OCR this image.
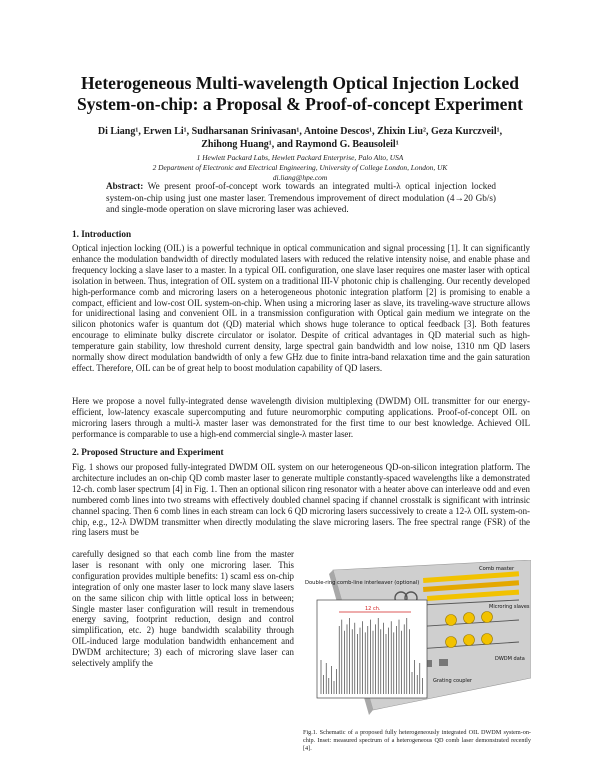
Heterogeneous Multi-wavelength Optical Injection Locked
System-on-chip: a Proposal & Proof-of-concept Experiment
Di Liang¹, Erwen Li¹, Sudharsanan Srinivasan¹, Antoine Descos¹, Zhixin Liu², Geza Kurczveil¹,
Zhihong Huang¹, and Raymond G. Beausoleil¹
1 Hewlett Packard Labs, Hewlett Packard Enterprise, Palo Alto, USA
2 Department of Electronic and Electrical Engineering, University of College London, London, UK
di.liang@hpe.com
Abstract: We present proof-of-concept work towards an integrated multi-λ optical injection locked system-on-chip using just one master laser. Tremendous improvement of direct modulation (4→20 Gb/s) and single-mode operation on slave microring laser was achieved.
1. Introduction
Optical injection locking (OIL) is a powerful technique in optical communication and signal processing [1]. It can significantly enhance the modulation bandwidth of directly modulated lasers with reduced the relative intensity noise, and enable phase and frequency locking a slave laser to a master. In a typical OIL configuration, one slave laser requires one master laser with optical isolation in between. Thus, integration of OIL system on a traditional III-V photonic chip is challenging. Our recently developed high-performance comb and microring lasers on a heterogeneous photonic integration platform [2] is promising to enable a compact, efficient and low-cost OIL system-on-chip. When using a microring laser as slave, its traveling-wave structure allows for unidirectional lasing and convenient OIL in a transmission configuration with Optical gain medium we integrate on the silicon photonics wafer is quantum dot (QD) material which shows huge tolerance to optical feedback [3]. Both features encourage to eliminate bulky discrete circulator or isolator. Despite of critical advantages in QD material such as high-temperature gain stability, low threshold current density, large spectral gain bandwidth and low noise, 1310 nm QD lasers normally show direct modulation bandwidth of only a few GHz due to finite intra-band relaxation time and the gain saturation effect. Therefore, OIL can be of great help to boost modulation capability of QD lasers.
Here we propose a novel fully-integrated dense wavelength division multiplexing (DWDM) OIL transmitter for our energy-efficient, low-latency exascale supercomputing and future neuromorphic computing applications. Proof-of-concept OIL on microring lasers through a multi-λ master laser was demonstrated for the first time to our best knowledge. Achieved OIL performance is comparable to use a high-end commercial single-λ master laser.
2. Proposed Structure and Experiment
Fig. 1 shows our proposed fully-integrated DWDM OIL system on our heterogeneous QD-on-silicon integration platform. The architecture includes an on-chip QD comb master laser to generate multiple constantly-spaced wavelengths like a demonstrated 12-ch. comb laser spectrum [4] in Fig. 1. Then an optional silicon ring resonator with a heater above can interleave odd and even numbered comb lines into two streams with effectively doubled channel spacing if channel crosstalk is significant with intrinsic channel spacing. Then 6 comb lines in each stream can lock 6 QD microring lasers successively to create a 12-λ OIL system-on-chip, e.g., 12-λ DWDM transmitter when directly modulating the slave microring lasers. The free spectral range (FSR) of the ring lasers must be
carefully designed so that each comb line from the master laser is resonant with only one microring laser. This configuration provides multiple benefits: 1) scaml ess on-chip integration of only one master laser to lock many slave lasers on the same silicon chip with little optical loss in between; Single master laser configuration will result in tremendous energy saving, footprint reduction, design and control simplification, etc. 2) huge bandwidth scalability through OIL-induced large modulation bandwidth enhancement and DWDM architecture; 3) each of microring slave laser can selectively amplify the
12 ch.
Double-ring comb-line interleaver (optional)
Comb master
Microring slaves
DWDM data
Grating coupler
Fig.1. Schematic of a proposed fully heterogeneously integrated OIL DWDM system-on-chip. Inset: measured spectrum of a heterogeneous QD comb laser demonstrated recently [4].
